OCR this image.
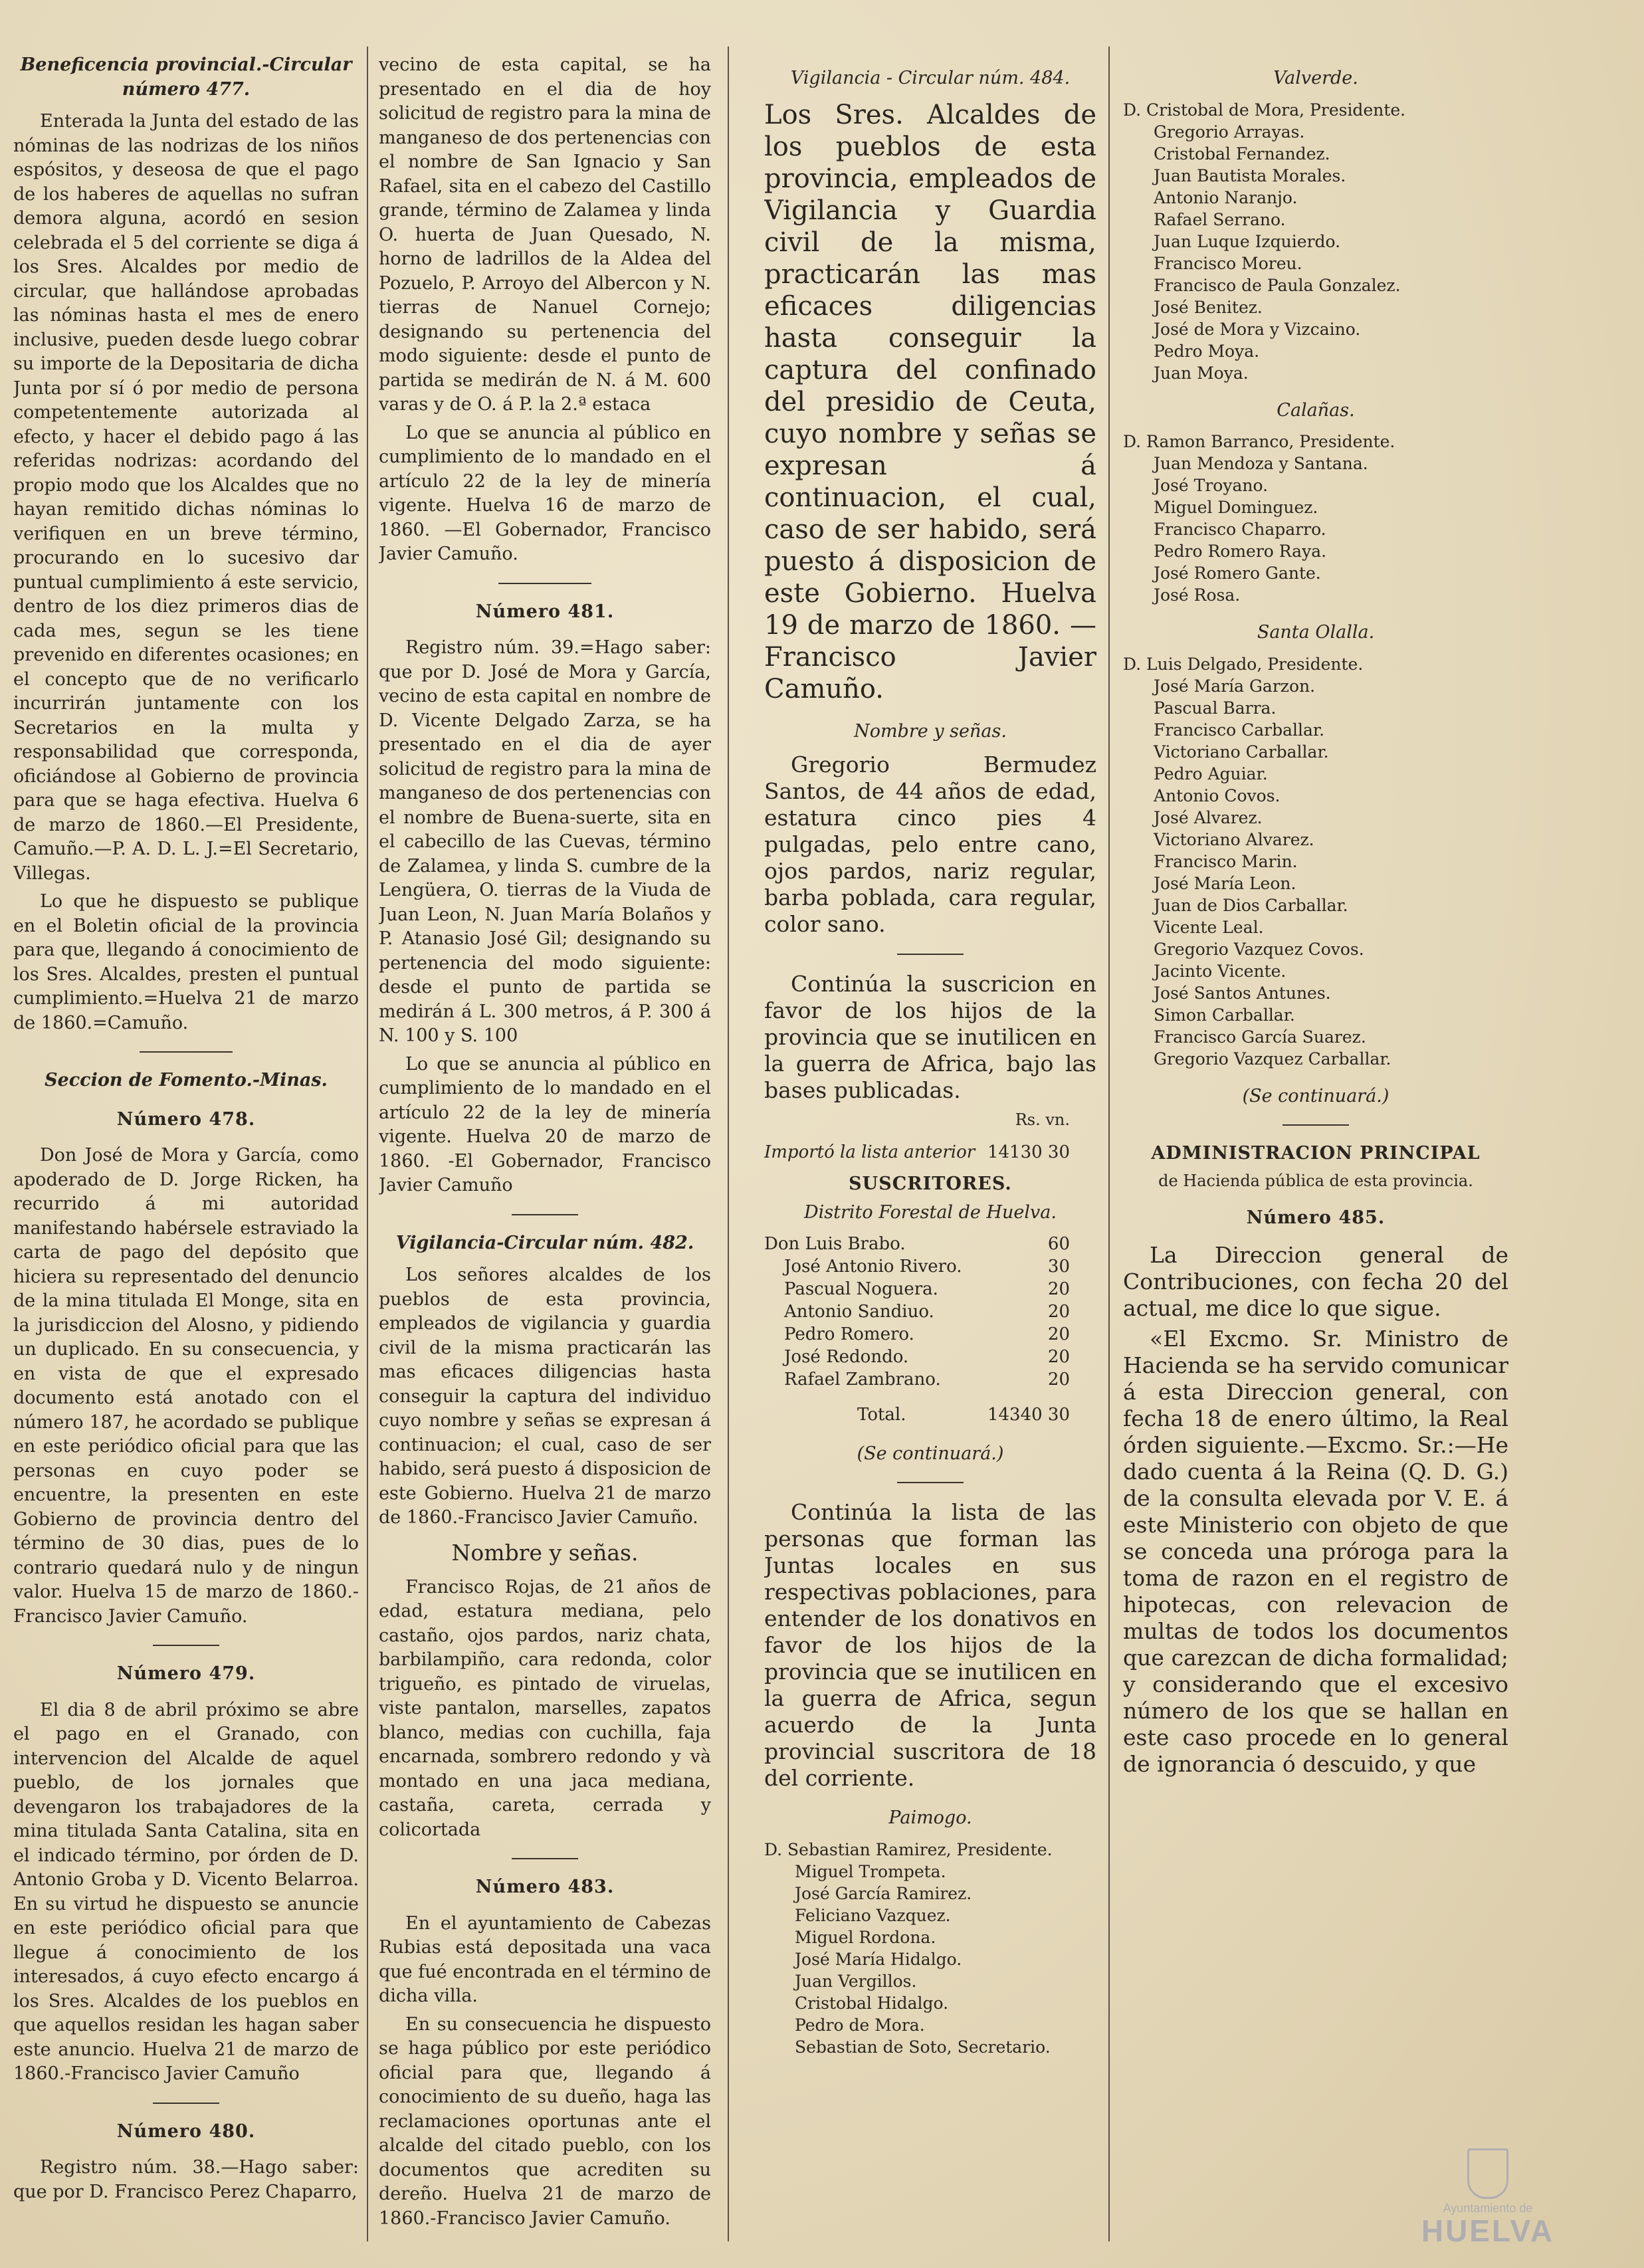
Beneficencia provincial.-Circular número 477.

Enterada la Junta del estado de las nóminas de las nodrizas de los niños espósitos, y deseosa de que el pago de los haberes de aquellas no sufran demora alguna, acordó en sesion celebrada el 5 del corriente se diga á los Sres. Alcaldes por medio de circular, que hallándose aprobadas las nóminas hasta el mes de enero inclusive, pueden desde luego cobrar su importe de la Depositaria de dicha Junta por sí ó por medio de persona competentemente autorizada al efecto, y hacer el debido pago á las referidas nodrizas: acordando del propio modo que los Alcaldes que no hayan remitido dichas nóminas lo verifiquen en un breve término, procurando en lo sucesivo dar puntual cumplimiento á este servicio, dentro de los diez primeros dias de cada mes, segun se les tiene prevenido en diferentes ocasiones; en el concepto que de no verificarlo incurrirán juntamente con los Secretarios en la multa y responsabilidad que corresponda, oficiándose al Gobierno de provincia para que se haga efectiva. Huelva 6 de marzo de 1860.—El Presidente, Camuño.—P. A. D. L. J.=El Secretario, Villegas.

Lo que he dispuesto se publique en el Boletin oficial de la provincia para que, llegando á conocimiento de los Sres. Alcaldes, presten el puntual cumplimiento.=Huelva 21 de marzo de 1860.=Camuño.

Seccion de Fomento.-Minas.

Número 478.

Don José de Mora y García, como apoderado de D. Jorge Ricken, ha recurrido á mi autoridad manifestando habérsele estraviado la carta de pago del depósito que hiciera su representado del denuncio de la mina titulada El Monge, sita en la jurisdiccion del Alosno, y pidiendo un duplicado. En su consecuencia, y en vista de que el expresado documento está anotado con el número 187, he acordado se publique en este periódico oficial para que las personas en cuyo poder se encuentre, la presenten en este Gobierno de provincia dentro del término de 30 dias, pues de lo contrario quedará nulo y de ningun valor. Huelva 15 de marzo de 1860.-Francisco Javier Camuño.

Número 479.

El dia 8 de abril próximo se abre el pago en el Granado, con intervencion del Alcalde de aquel pueblo, de los jornales que devengaron los trabajadores de la mina titulada Santa Catalina, sita en el indicado término, por órden de D. Antonio Groba y D. Vicento Belarroa. En su virtud he dispuesto se anuncie en este periódico oficial para que llegue á conocimiento de los interesados, á cuyo efecto encargo á los Sres. Alcaldes de los pueblos en que aquellos residan les hagan saber este anuncio. Huelva 21 de marzo de 1860.-Francisco Javier Camuño

Número 480.

Registro núm. 38.—Hago saber: que por D. Francisco Perez Chaparro,

vecino de esta capital, se ha presentado en el dia de hoy solicitud de registro para la mina de manganeso de dos pertenencias con el nombre de San Ignacio y San Rafael, sita en el cabezo del Castillo grande, término de Zalamea y linda O. huerta de Juan Quesado, N. horno de ladrillos de la Aldea del Pozuelo, P. Arroyo del Albercon y N. tierras de Nanuel Cornejo; designando su pertenencia del modo siguiente: desde el punto de partida se medirán de N. á M. 600 varas y de O. á P. la 2.ª estaca

Lo que se anuncia al público en cumplimiento de lo mandado en el artículo 22 de la ley de minería vigente. Huelva 16 de marzo de 1860. —El Gobernador, Francisco Javier Camuño.

Número 481.

Registro núm. 39.=Hago saber: que por D. José de Mora y García, vecino de esta capital en nombre de D. Vicente Delgado Zarza, se ha presentado en el dia de ayer solicitud de registro para la mina de manganeso de dos pertenencias con el nombre de Buena-suerte, sita en el cabecillo de las Cuevas, término de Zalamea, y linda S. cumbre de la Lengüera, O. tierras de la Viuda de Juan Leon, N. Juan María Bolaños y P. Atanasio José Gil; designando su pertenencia del modo siguiente: desde el punto de partida se medirán á L. 300 metros, á P. 300 á N. 100 y S. 100

Lo que se anuncia al público en cumplimiento de lo mandado en el artículo 22 de la ley de minería vigente. Huelva 20 de marzo de 1860. -El Gobernador, Francisco Javier Camuño

Vigilancia-Circular núm. 482.

Los señores alcaldes de los pueblos de esta provincia, empleados de vigilancia y guardia civil de la misma practicarán las mas eficaces diligencias hasta conseguir la captura del individuo cuyo nombre y señas se expresan á continuacion; el cual, caso de ser habido, será puesto á disposicion de este Gobierno. Huelva 21 de marzo de 1860.-Francisco Javier Camuño.

Nombre y señas.

Francisco Rojas, de 21 años de edad, estatura mediana, pelo castaño, ojos pardos, nariz chata, barbilampiño, cara redonda, color trigueño, es pintado de viruelas, viste pantalon, marselles, zapatos blanco, medias con cuchilla, faja encarnada, sombrero redondo y và montado en una jaca mediana, castaña, careta, cerrada y colicortada

Número 483.

En el ayuntamiento de Cabezas Rubias está depositada una vaca que fué encontrada en el término de dicha villa.

En su consecuencia he dispuesto se haga público por este periódico oficial para que, llegando á conocimiento de su dueño, haga las reclamaciones oportunas ante el alcalde del citado pueblo, con los documentos que acrediten su dereño. Huelva 21 de marzo de 1860.-Francisco Javier Camuño.

Vigilancia - Circular núm. 484.

Los Sres. Alcaldes de los pueblos de esta provincia, empleados de Vigilancia y Guardia civil de la misma, practicarán las mas eficaces diligencias hasta conseguir la captura del confinado del presidio de Ceuta, cuyo nombre y señas se expresan á continuacion, el cual, caso de ser habido, será puesto á disposicion de este Gobierno. Huelva 19 de marzo de 1860. —Francisco Javier Camuño.

Nombre y señas.

Gregorio Bermudez Santos, de 44 años de edad, estatura cinco pies 4 pulgadas, pelo entre cano, ojos pardos, nariz regular, barba poblada, cara regular, color sano.

Continúa la suscricion en favor de los hijos de la provincia que se inutilicen en la guerra de Africa, bajo las bases publicadas.

Rs. vn.

Importó la lista anterior 14130 30

SUSCRITORES.

Distrito Forestal de Huelva.

Don Luis Brabo.	60
José Antonio Rivero.	30
Pascual Noguera.	20
Antonio Sandiuo.	20
Pedro Romero.	20
José Redondo.	20
Rafael Zambrano.	20
Total.	14340 30

(Se continuará.)

Continúa la lista de las personas que forman las Juntas locales en sus respectivas poblaciones, para entender de los donativos en favor de los hijos de la provincia que se inutilicen en la guerra de Africa, segun acuerdo de la Junta provincial suscritora de 18 del corriente.

Paimogo.

D. Sebastian Ramirez, Presidente.
Miguel Trompeta.
José García Ramirez.
Feliciano Vazquez.
Miguel Rordona.
José María Hidalgo.
Juan Vergillos.
Cristobal Hidalgo.
Pedro de Mora.
Sebastian de Soto, Secretario.

Valverde.

D. Cristobal de Mora, Presidente.
Gregorio Arrayas.
Cristobal Fernandez.
Juan Bautista Morales.
Antonio Naranjo.
Rafael Serrano.
Juan Luque Izquierdo.
Francisco Moreu.
Francisco de Paula Gonzalez.
José Benitez.
José de Mora y Vizcaino.
Pedro Moya.
Juan Moya.

Calañas.

D. Ramon Barranco, Presidente.
Juan Mendoza y Santana.
José Troyano.
Miguel Dominguez.
Francisco Chaparro.
Pedro Romero Raya.
José Romero Gante.
José Rosa.

Santa Olalla.

D. Luis Delgado, Presidente.
José María Garzon.
Pascual Barra.
Francisco Carballar.
Victoriano Carballar.
Pedro Aguiar.
Antonio Covos.
José Alvarez.
Victoriano Alvarez.
Francisco Marin.
José María Leon.
Juan de Dios Carballar.
Vicente Leal.
Gregorio Vazquez Covos.
Jacinto Vicente.
José Santos Antunes.
Simon Carballar.
Francisco García Suarez.
Gregorio Vazquez Carballar.

(Se continuará.)

ADMINISTRACION PRINCIPAL

de Hacienda pública de esta provincia.

Número 485.

La Direccion general de Contribuciones, con fecha 20 del actual, me dice lo que sigue.

«El Excmo. Sr. Ministro de Hacienda se ha servido comunicar á esta Direccion general, con fecha 18 de enero último, la Real órden siguiente.—Excmo. Sr.:—He dado cuenta á la Reina (Q. D. G.) de la consulta elevada por V. E. á este Ministerio con objeto de que se conceda una próroga para la toma de razon en el registro de hipotecas, con relevacion de multas de todos los documentos que carezcan de dicha formalidad; y considerando que el excesivo número de los que se hallan en este caso procede en lo general de ignorancia ó descuido, y que

Ayuntamiento de
HUELVA
